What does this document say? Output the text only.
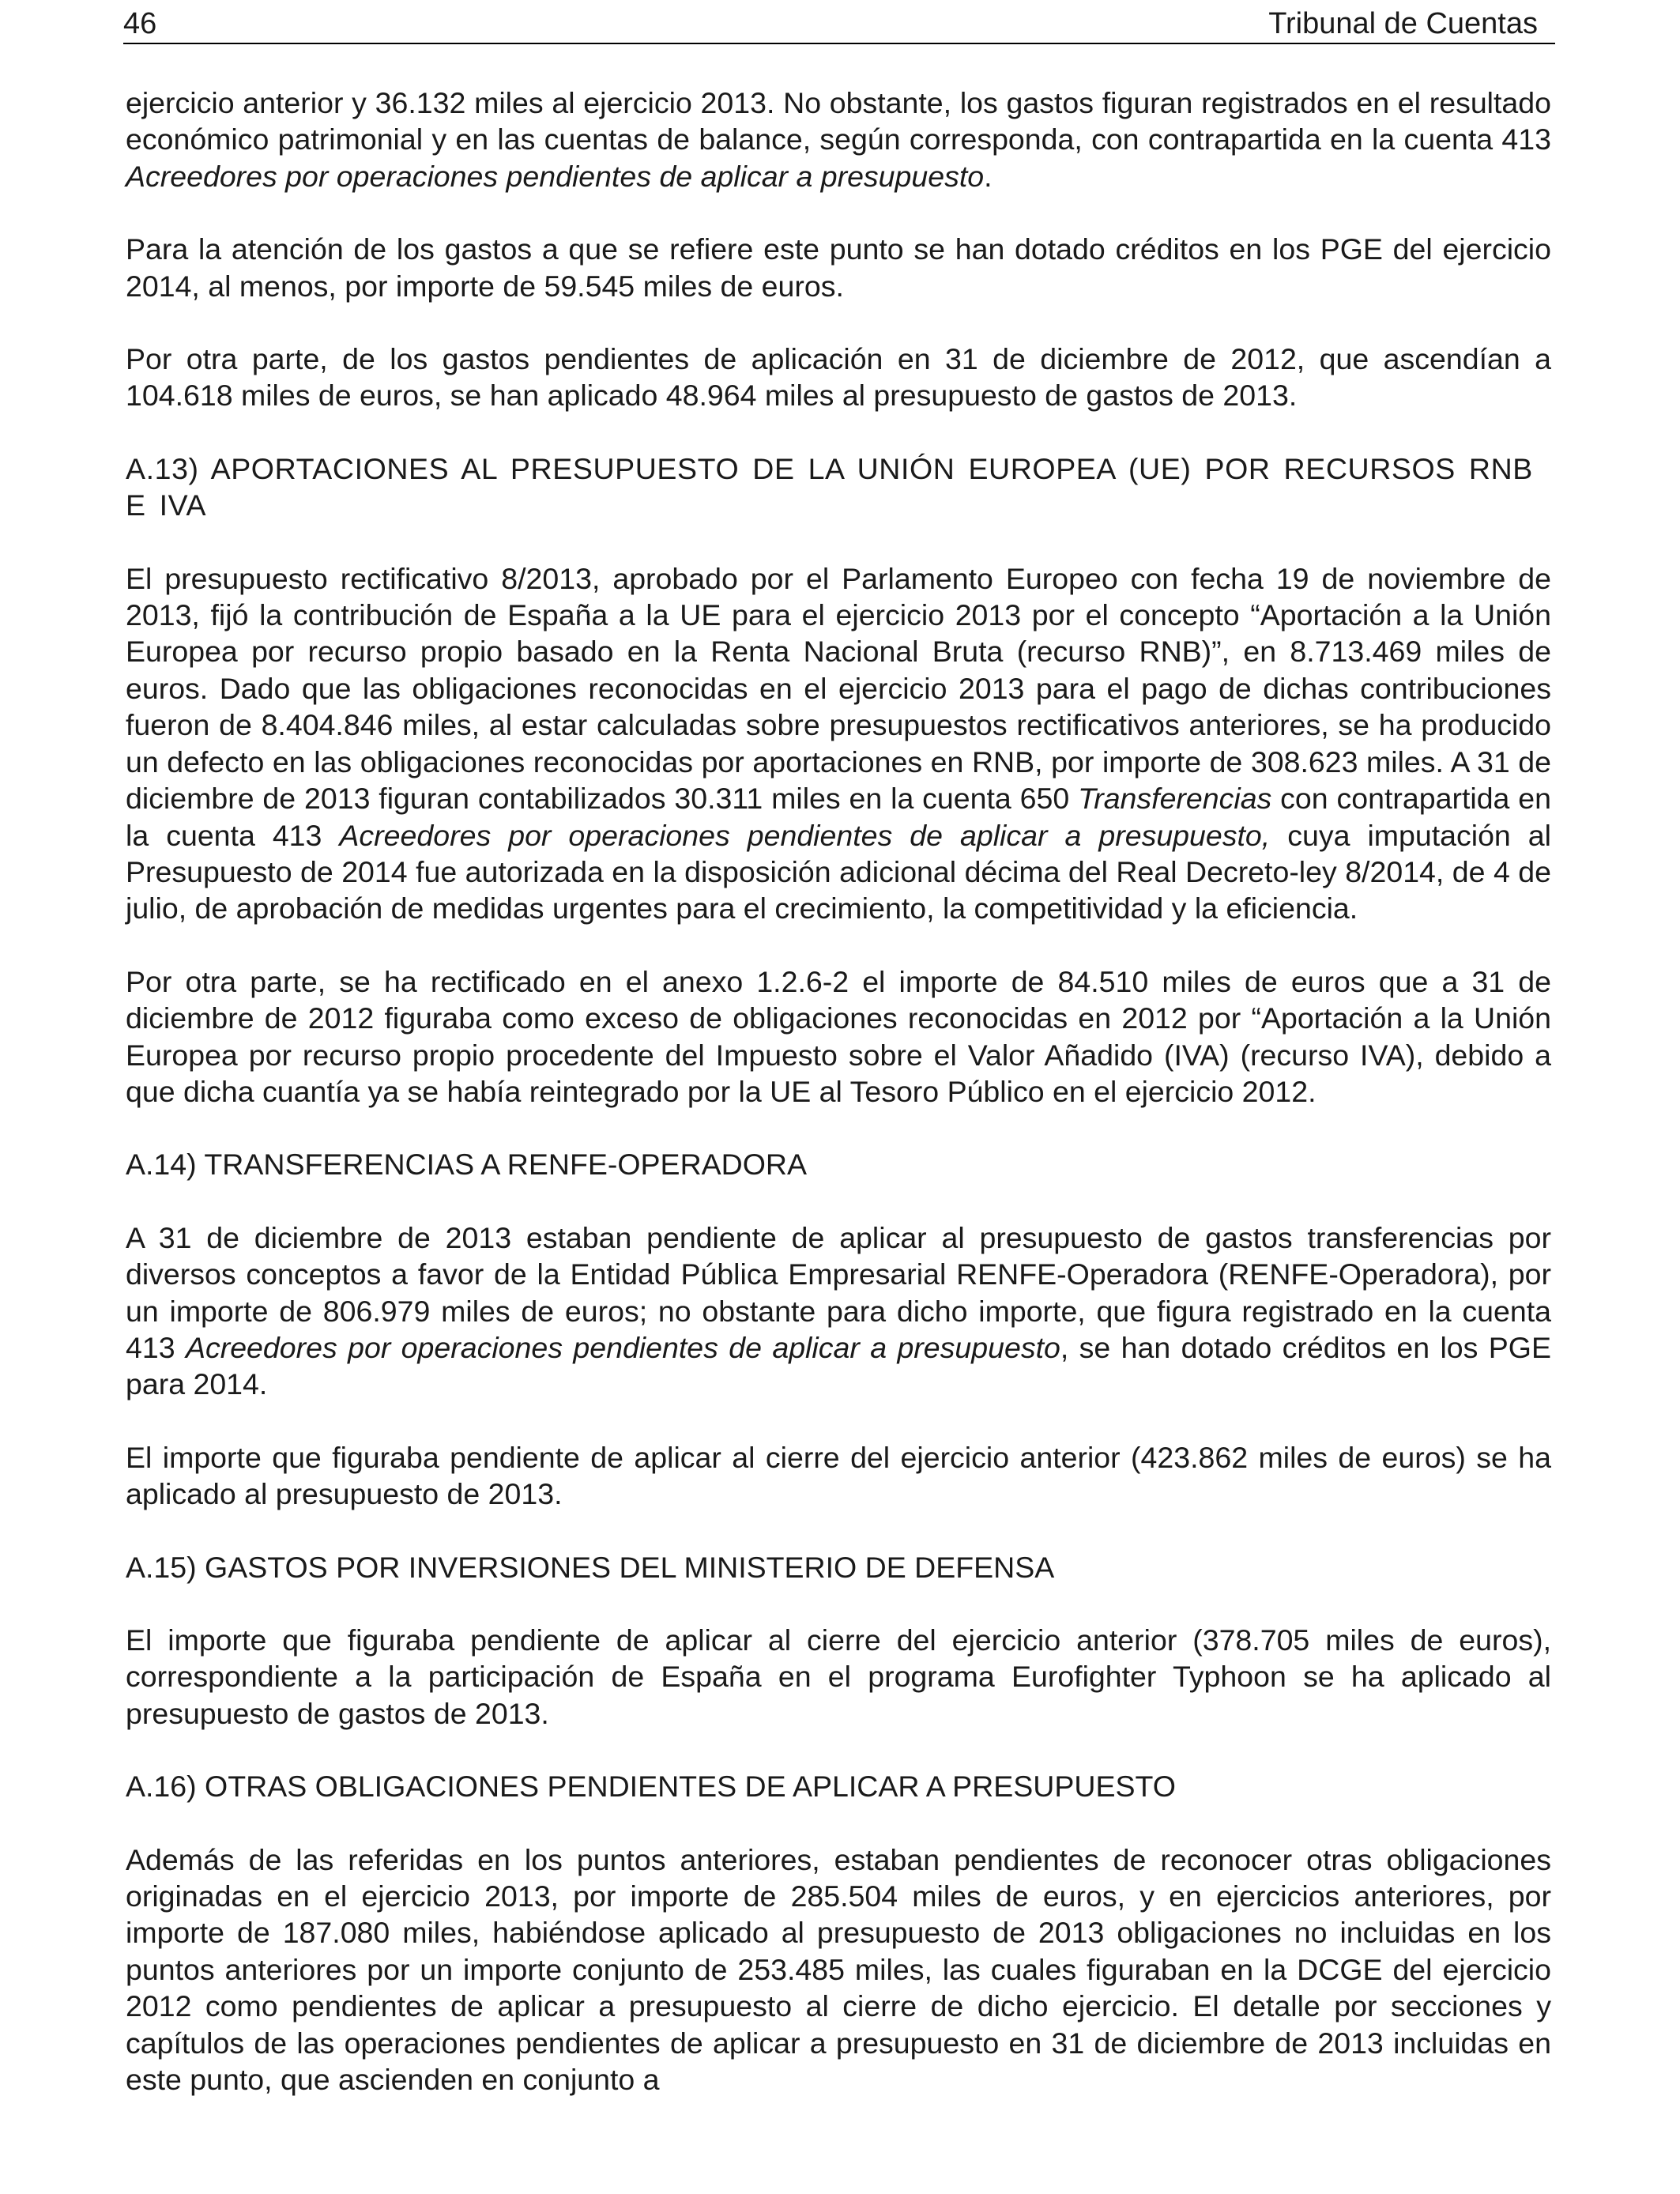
46	Tribunal de Cuentas

ejercicio anterior y 36.132 miles al ejercicio 2013. No obstante, los gastos figuran registrados en el resultado económico patrimonial y en las cuentas de balance, según corresponda, con contrapartida en la cuenta 413 Acreedores por operaciones pendientes de aplicar a presupuesto.

Para la atención de los gastos a que se refiere este punto se han dotado créditos en los PGE del ejercicio 2014, al menos, por importe de 59.545 miles de euros.

Por otra parte, de los gastos pendientes de aplicación en 31 de diciembre de 2012, que ascendían a 104.618 miles de euros, se han aplicado 48.964 miles al presupuesto de gastos de 2013.

A.13) APORTACIONES AL PRESUPUESTO DE LA UNIÓN EUROPEA (UE) POR RECURSOS RNB E IVA

El presupuesto rectificativo 8/2013, aprobado por el Parlamento Europeo con fecha 19 de noviembre de 2013, fijó la contribución de España a la UE para el ejercicio 2013 por el concepto “Aportación a la Unión Europea por recurso propio basado en la Renta Nacional Bruta (recurso RNB)”, en 8.713.469 miles de euros. Dado que las obligaciones reconocidas en el ejercicio 2013 para el pago de dichas contribuciones fueron de 8.404.846 miles, al estar calculadas sobre presupuestos rectificativos anteriores, se ha producido un defecto en las obligaciones reconocidas por aportaciones en RNB, por importe de 308.623 miles. A 31 de diciembre de 2013 figuran contabilizados 30.311 miles en la cuenta 650 Transferencias con contrapartida en la cuenta 413 Acreedores por operaciones pendientes de aplicar a presupuesto, cuya imputación al Presupuesto de 2014 fue autorizada en la disposición adicional décima del Real Decreto-ley 8/2014, de 4 de julio, de aprobación de medidas urgentes para el crecimiento, la competitividad y la eficiencia.

Por otra parte, se ha rectificado en el anexo 1.2.6-2 el importe de 84.510 miles de euros que a 31 de diciembre de 2012 figuraba como exceso de obligaciones reconocidas en 2012 por “Aportación a la Unión Europea por recurso propio procedente del Impuesto sobre el Valor Añadido (IVA) (recurso IVA), debido a que dicha cuantía ya se había reintegrado por la UE al Tesoro Público en el ejercicio 2012.

A.14) TRANSFERENCIAS A RENFE-OPERADORA

A 31 de diciembre de 2013 estaban pendiente de aplicar al presupuesto de gastos transferencias por diversos conceptos a favor de la Entidad Pública Empresarial RENFE-Operadora (RENFE-Operadora), por un importe de 806.979 miles de euros; no obstante para dicho importe, que figura registrado en la cuenta 413 Acreedores por operaciones pendientes de aplicar a presupuesto, se han dotado créditos en los PGE para 2014.

El importe que figuraba pendiente de aplicar al cierre del ejercicio anterior (423.862 miles de euros) se ha aplicado al presupuesto de 2013.

A.15) GASTOS POR INVERSIONES DEL MINISTERIO DE DEFENSA

El importe que figuraba pendiente de aplicar al cierre del ejercicio anterior (378.705 miles de euros), correspondiente a la participación de España en el programa Eurofighter Typhoon se ha aplicado al presupuesto de gastos de 2013.

A.16) OTRAS OBLIGACIONES PENDIENTES DE APLICAR A PRESUPUESTO

Además de las referidas en los puntos anteriores, estaban pendientes de reconocer otras obligaciones originadas en el ejercicio 2013, por importe de 285.504 miles de euros, y en ejercicios anteriores, por importe de 187.080 miles, habiéndose aplicado al presupuesto de 2013 obligaciones no incluidas en los puntos anteriores por un importe conjunto de 253.485 miles, las cuales figuraban en la DCGE del ejercicio 2012 como pendientes de aplicar a presupuesto al cierre de dicho ejercicio. El detalle por secciones y capítulos de las operaciones pendientes de aplicar a presupuesto en 31 de diciembre de 2013 incluidas en este punto, que ascienden en conjunto a
